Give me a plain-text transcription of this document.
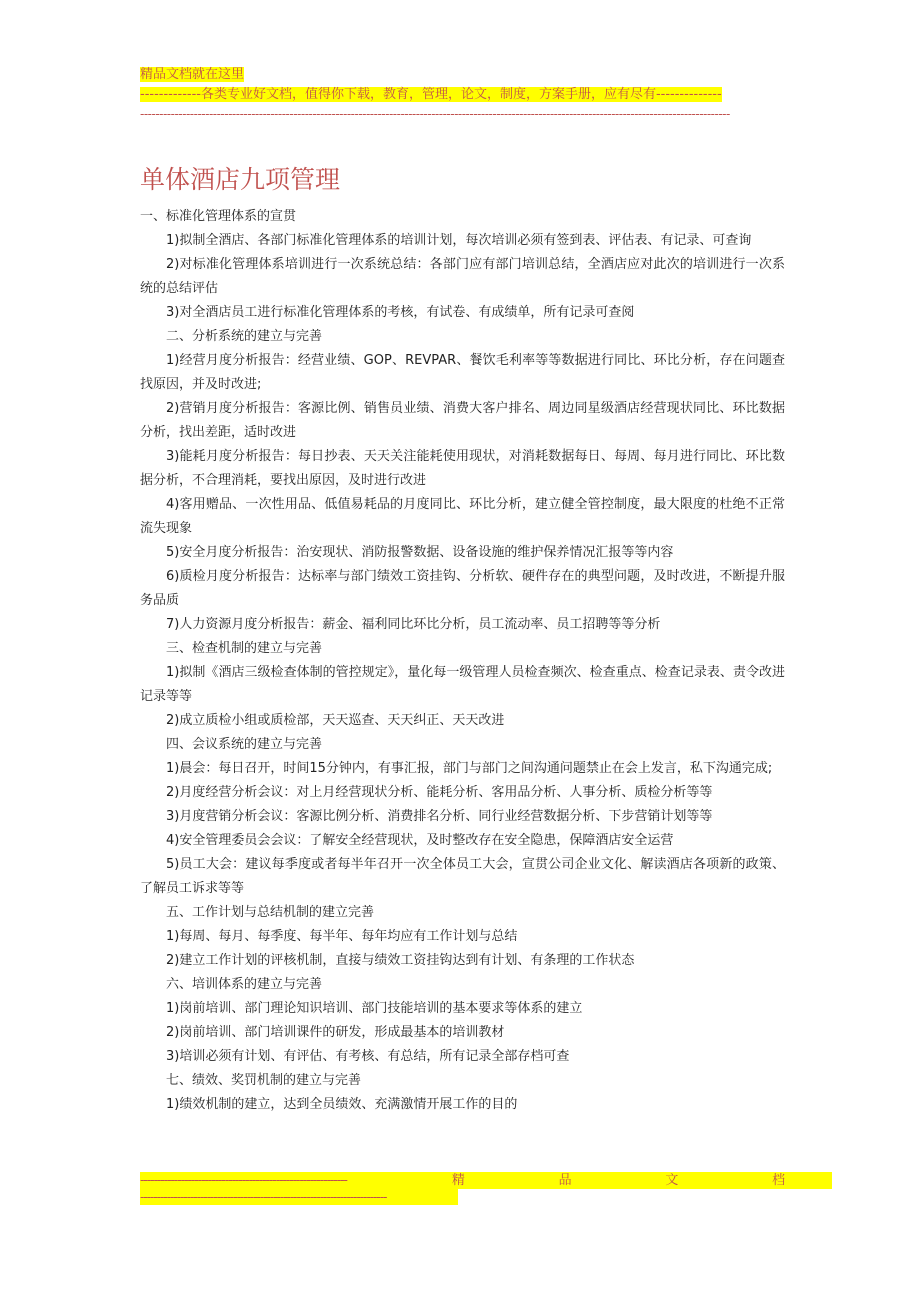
精品文档就在这里
-------------各类专业好文档，值得你下载，教育，管理，论文，制度，方案手册，应有尽有--------------
----------------------------------------------------------------------------------------------------------------------------------------------------------
单体酒店九项管理
一、标准化管理体系的宣贯
1)拟制全酒店、各部门标准化管理体系的培训计划，每次培训必须有签到表、评估表、有记录、可查询
2)对标准化管理体系培训进行一次系统总结：各部门应有部门培训总结，全酒店应对此次的培训进行一次系统的总结评估
3)对全酒店员工进行标准化管理体系的考核，有试卷、有成绩单，所有记录可查阅
二、分析系统的建立与完善
1)经营月度分析报告：经营业绩、GOP、REVPAR、餐饮毛利率等等数据进行同比、环比分析，存在问题查找原因，并及时改进;
2)营销月度分析报告：客源比例、销售员业绩、消费大客户排名、周边同星级酒店经营现状同比、环比数据分析，找出差距，适时改进
3)能耗月度分析报告：每日抄表、天天关注能耗使用现状，对消耗数据每日、每周、每月进行同比、环比数据分析，不合理消耗，要找出原因，及时进行改进
4)客用赠品、一次性用品、低值易耗品的月度同比、环比分析，建立健全管控制度，最大限度的杜绝不正常流失现象
5)安全月度分析报告：治安现状、消防报警数据、设备设施的维护保养情况汇报等等内容
6)质检月度分析报告：达标率与部门绩效工资挂钩、分析软、硬件存在的典型问题，及时改进，不断提升服务品质
7)人力资源月度分析报告：薪金、福利同比环比分析，员工流动率、员工招聘等等分析
三、检查机制的建立与完善
1)拟制《酒店三级检查体制的管控规定》，量化每一级管理人员检查频次、检查重点、检查记录表、责令改进记录等等
2)成立质检小组或质检部，天天巡查、天天纠正、天天改进
四、会议系统的建立与完善
1)晨会：每日召开，时间15分钟内，有事汇报，部门与部门之间沟通问题禁止在会上发言，私下沟通完成;
2)月度经营分析会议：对上月经营现状分析、能耗分析、客用品分析、人事分析、质检分析等等
3)月度营销分析会议：客源比例分析、消费排名分析、同行业经营数据分析、下步营销计划等等
4)安全管理委员会会议：了解安全经营现状，及时整改存在安全隐患，保障酒店安全运营
5)员工大会：建议每季度或者每半年召开一次全体员工大会，宣贯公司企业文化、解读酒店各项新的政策、了解员工诉求等等
五、工作计划与总结机制的建立完善
1)每周、每月、每季度、每半年、每年均应有工作计划与总结
2)建立工作计划的评核机制，直接与绩效工资挂钩达到有计划、有条理的工作状态
六、培训体系的建立与完善
1)岗前培训、部门理论知识培训、部门技能培训的基本要求等体系的建立
2)岗前培训、部门培训课件的研发，形成最基本的培训教材
3)培训必须有计划、有评估、有考核、有总结，所有记录全部存档可查
七、绩效、奖罚机制的建立与完善
1)绩效机制的建立，达到全员绩效、充满激情开展工作的目的
-------------------------------------------------------------	精	品	文	档
--------------------------------------------------------------------------
